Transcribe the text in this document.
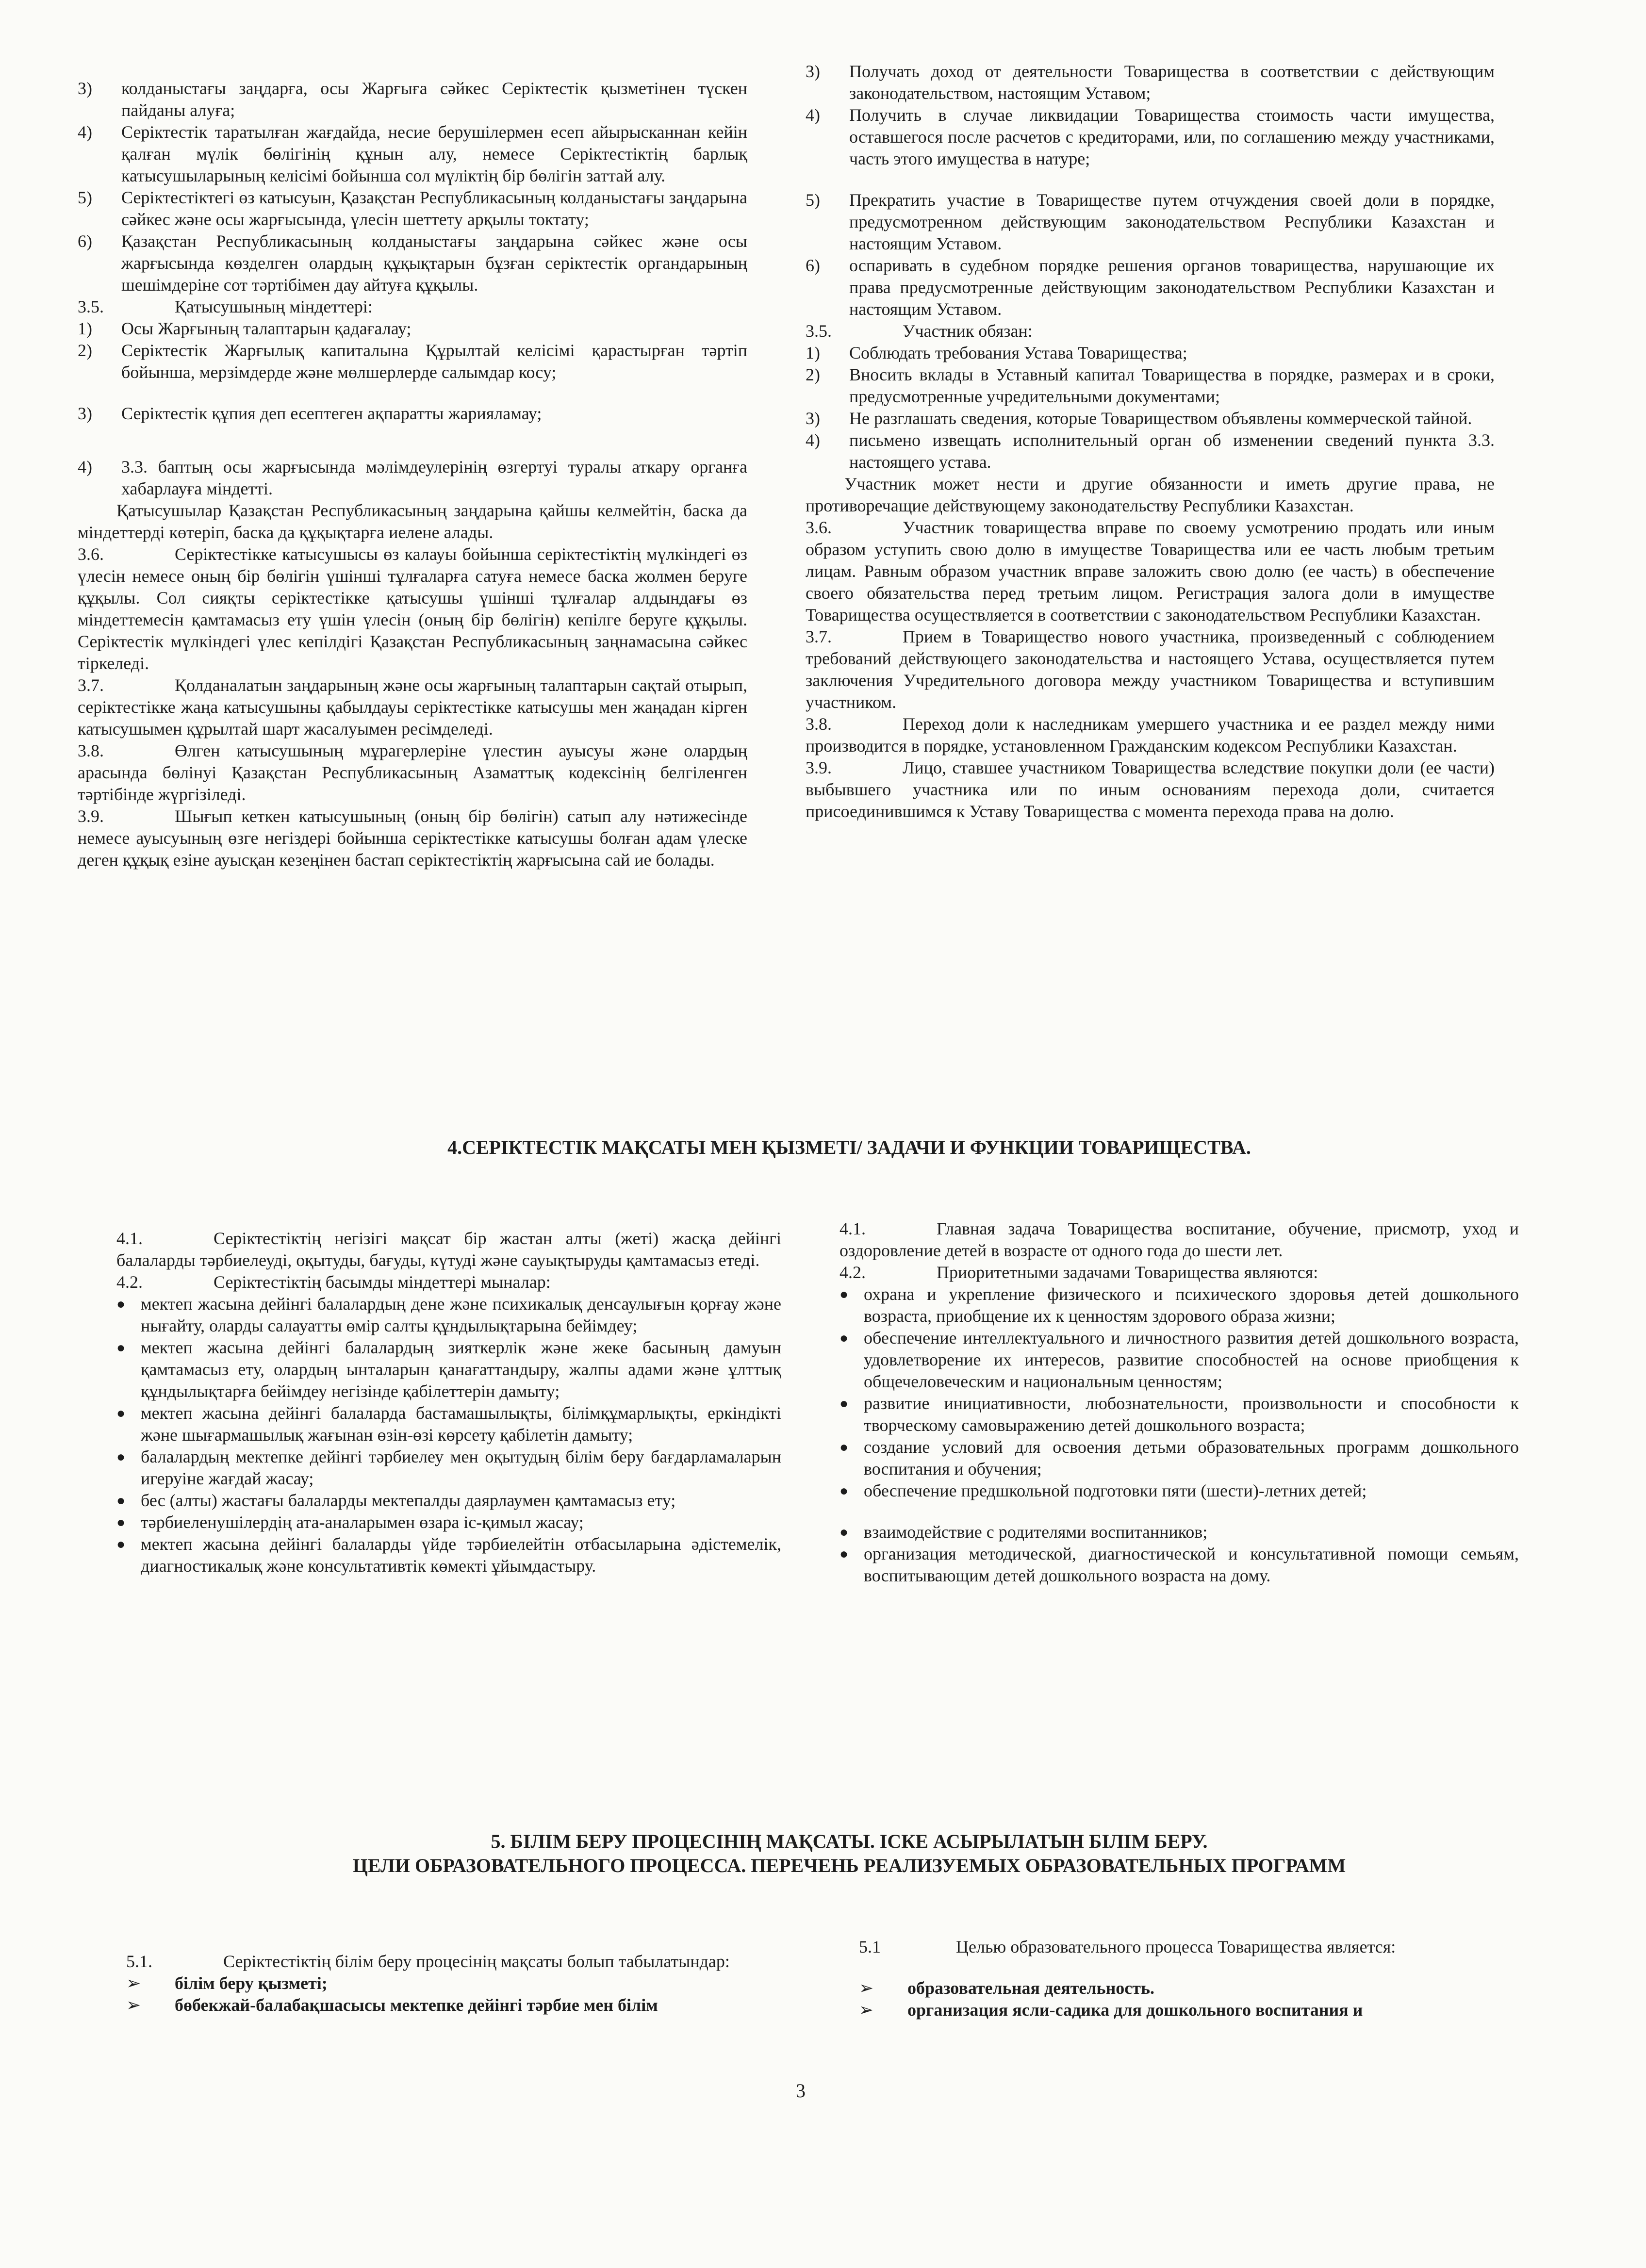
3)	колданыстағы заңдарға, осы Жарғыға сәйкес Серіктестік қызметінен түскен пайданы алуға;
4)	Серіктестік таратылған жағдайда, несие берушілермен есеп айырысканнан кейін қалған мүлік бөлігінің құнын алу, немесе Серіктестіктің барлық катысушыларының келісімі бойынша сол мүліктің бір бөлігін заттай алу.
5)	Серіктестіктегі өз катысуын, Қазақстан Республикасының колданыстағы заңдарына сәйкес және осы жарғысында, үлесін шеттету арқылы токтату;
6)	Қазақстан Республикасының колданыстағы заңдарына сәйкес және осы жарғысында көзделген олардың құқықтарын бұзған серіктестік органдарының шешімдеріне сот тәртібімен дау айтуға құқылы.

3.5.	Қатысушының міндеттері:

1)	Осы Жарғының талаптарын қадағалау;
2)	Серіктестік Жарғылық капиталына Құрылтай келісімі қарастырған тәртіп бойынша, мерзімдерде және мөлшерлерде салымдар косу;
3)	Серіктестік құпия деп есептеген ақпаратты жарияламау;
4)	3.3. баптың осы жарғысында мәлімдеулерінің өзгертуі туралы аткару органға хабарлауға міндетті.

Қатысушылар Қазақстан Республикасының заңдарына қайшы келмейтін, баска да міндеттерді көтеріп, баска да құқықтарға иеленe алады.

3.6.	Серіктестікке катысушысы өз калауы бойынша серіктестіктің мүлкіндегі өз үлесін немесе оның бір бөлігін үшінші тұлғаларға сатуға немесе баска жолмен беруге құқылы. Сол сияқты серіктестікке қатысушы үшінші тұлғалар алдындағы өз міндеттемесін қамтамасыз ету үшін үлесін (оның бір бөлігін) кепілге беруге құқылы. Серіктестік мүлкіндегі үлес кепілдігі Қазақстан Республикасының заңнамасына сәйкес тіркеледі.

3.7.	Қолданалатын заңдарының және осы жарғының талаптарын сақтай отырып, серіктестікке жаңа катысушыны қабылдауы серіктестікке катысушы мен жаңадан кірген катысушымен құрылтай шарт жасалуымен ресімделеді.

3.8.	Өлген катысушының мұрагерлеріне үлестин ауысуы және олардың арасында бөлінуі Қазақстан Республикасының Азаматтық кодексінің белгіленген тәртібінде жүргізіледі.

3.9.	Шығып кеткен катысушының (оның бір бөлігін) сатып алу нәтижесінде немесе ауысуының өзге негіздері бойынша серіктестікке катысушы болған адам үлеске деген құқық езіне ауысқан кезеңінен бастап серіктестіктің жарғысына сай ие болады.

3)	Получать доход от деятельности Товарищества в соответствии с действующим законодательством, настоящим Уставом;
4)	Получить в случае ликвидации Товарищества стоимость части имущества, оставшегося после расчетов с кредиторами, или, по соглашению между участниками, часть этого имущества в натуре;
5)	Прекратить участие в Товариществе путем отчуждения своей доли в порядке, предусмотренном действующим законодательством Республики Казахстан и настоящим Уставом.
6)	оспаривать в судебном порядке решения органов товарищества, нарушающие их права предусмотренные действующим законодательством Республики Казахстан и настоящим Уставом.

3.5.	Участник обязан:

1)	Соблюдать требования Устава Товарищества;
2)	Вносить вклады в Уставный капитал Товарищества в порядке, размерах и в сроки, предусмотренные учредительными документами;
3)	Не разглашать сведения, которые Товариществом объявлены коммерческой тайной.
4)	письмено извещать исполнительный орган об изменении сведений пункта 3.3. настоящего устава.

Участник может нести и другие обязанности и иметь другие права, не противоречащие действующему законодательству Республики Казахстан.

3.6.	Участник товарищества вправе по своему усмотрению продать или иным образом уступить свою долю в имуществе Товарищества или ее часть любым третьим лицам. Равным образом участник вправе заложить свою долю (ее часть) в обеспечение своего обязательства перед третьим лицом. Регистрация залога доли в имуществе Товарищества осуществляется в соответствии с законодательством Республики Казахстан.

3.7.	Прием в Товарищество нового участника, произведенный с соблюдением требований действующего законодательства и настоящего Устава, осуществляется путем заключения Учредительного договора между участником Товарищества и вступившим участником.

3.8.	Переход доли к наследникам умершего участника и ее раздел между ними производится в порядке, установленном Гражданским кодексом Республики Казахстан.

3.9.	Лицо, ставшее участником Товарищества вследствие покупки доли (ее части) выбывшего участника или по иным основаниям перехода доли, считается присоединившимся к Уставу Товарищества с момента перехода права на долю.

4.СЕРІКТЕСТІК МАҚСАТЫ МЕН ҚЫЗМЕТІ/ ЗАДАЧИ И ФУНКЦИИ ТОВАРИЩЕСТВА.

4.1.	Серіктестіктің негізігі мақсат бір жастан алты (жеті) жасқа дейінгі балаларды тәрбиелеуді, оқытуды, бағуды, күтуді және сауықтыруды қамтамасыз етеді.

4.2.	Серіктестіктің басымды міндеттері мыналар:

● мектеп жасына дейінгі балалардың дене және психикалық денсаулығын қорғау және нығайту, оларды салауатты өмір салты құндылықтарына бейімдеу;
● мектеп жасына дейінгі балалардың зияткерлік және жеке басының дамуын қамтамасыз ету, олардың ынталарын қанағаттандыру, жалпы адами және ұлттық құндылықтарға бейімдеу негізінде қабілеттерін дамыту;
● мектеп жасына дейінгі балаларда бастамашылықты, білімқұмарлықты, еркіндікті және шығармашылық жағынан өзін-өзі көрсету қабілетін дамыту;
● балалардың мектепке дейінгі тәрбиелеу мен оқытудың білім беру бағдарламаларын игеруіне жағдай жасау;
● бес (алты) жастағы балаларды мектепалды даярлаумен қамтамасыз ету;
● тәрбиеленушілердің ата-аналарымен өзара іс-қимыл жасау;
● мектеп жасына дейінгі балаларды үйде тәрбиелейтін отбасыларына әдістемелік, диагностикалық және консультативтік көмекті ұйымдастыру.

4.1.	Главная задача Товарищества воспитание, обучение, присмотр, уход и оздоровление детей в возрасте от одного года до шести лет.

4.2.	Приоритетными задачами Товарищества являются:

● охрана и укрепление физического и психического здоровья детей дошкольного возраста, приобщение их к ценностям здорового образа жизни;
● обеспечение интеллектуального и личностного развития детей дошкольного возраста, удовлетворение их интересов, развитие способностей на основе приобщения к общечеловеческим и национальным ценностям;
● развитие инициативности, любознательности, произвольности и способности к творческому самовыражению детей дошкольного возраста;
● создание условий для освоения детьми образовательных программ дошкольного воспитания и обучения;
● обеспечение предшкольной подготовки пяти (шести)-летних детей;
● взаимодействие с родителями воспитанников;
● организация методической, диагностической и консультативной помощи семьям, воспитывающим детей дошкольного возраста на дому.
5. БІЛІМ БЕРУ ПРОЦЕСІНІҢ МАҚСАТЫ. ІСКЕ АСЫРЫЛАТЫН БІЛІМ БЕРУ.
ЦЕЛИ ОБРАЗОВАТЕЛЬНОГО ПРОЦЕССА. ПЕРЕЧЕНЬ РЕАЛИЗУЕМЫХ ОБРАЗОВАТЕЛЬНЫХ ПРОГРАММ

5.1.	Серіктестіктің білім беру процесінің мақсаты болып табылатындар:

➢	білім беру қызметі;
➢	бөбекжай-балабақшасысы мектепке дейінгі тәрбие мен білім

5.1	Целью образовательного процесса Товарищества является:

➢	образовательная деятельность.
➢	организация ясли-садика для дошкольного воспитания и
3
